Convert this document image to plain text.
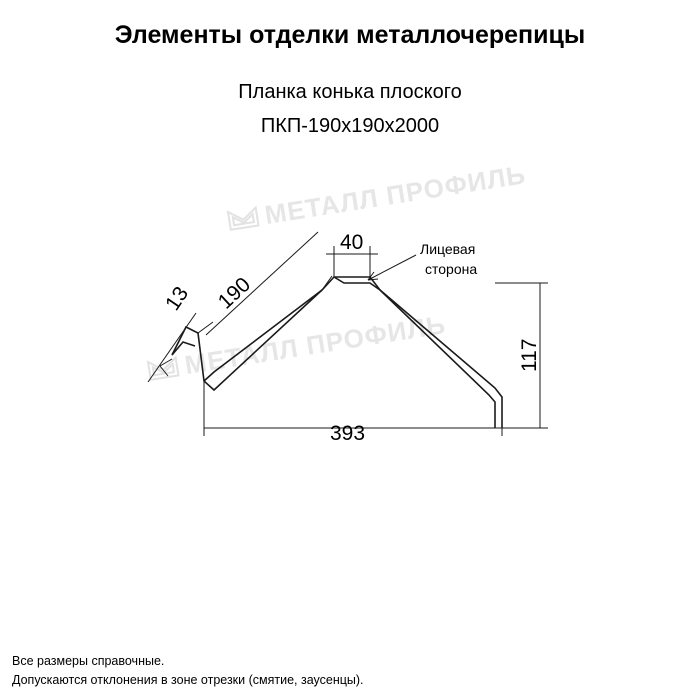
Элементы отделки металлочерепицы
Планка конька плоского
ПКП-190х190х2000
МЕТАЛЛ ПРОФИЛЬ
МЕТАЛЛ ПРОФИЛЬ
13 190
40
117
393
Лицевая
сторона
Все размеры справочные.
Допускаются отклонения в зоне отрезки (смятие, заусенцы).
